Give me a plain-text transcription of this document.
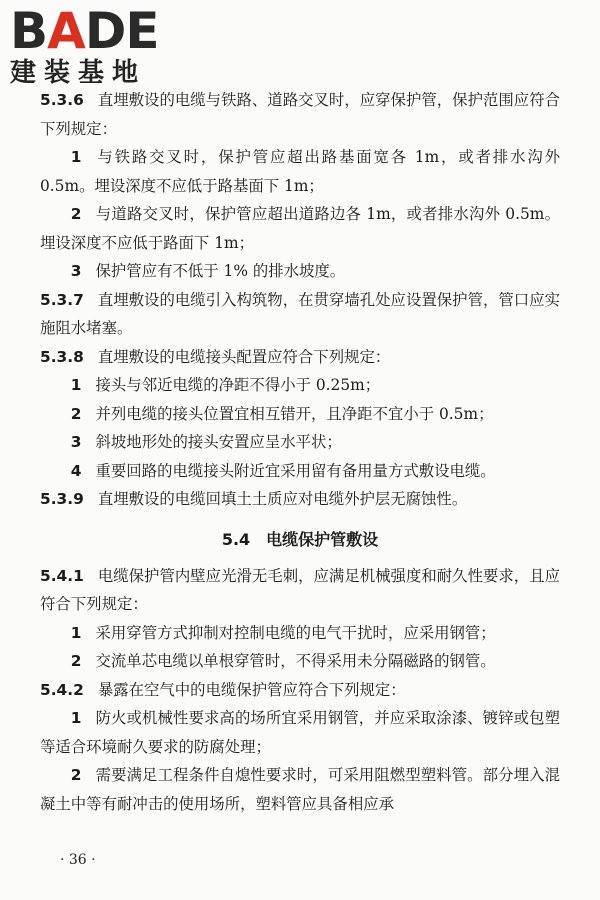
BADE
建装基地

5.3.6 直埋敷设的电缆与铁路、道路交叉时，应穿保护管，保护范围应符合下列规定：

1 与铁路交叉时，保护管应超出路基面宽各 1m，或者排水沟外 0.5m。埋设深度不应低于路基面下 1m；

2 与道路交叉时，保护管应超出道路边各 1m，或者排水沟外 0.5m。埋设深度不应低于路面下 1m；

3 保护管应有不低于 1% 的排水坡度。

5.3.7 直埋敷设的电缆引入构筑物，在贯穿墙孔处应设置保护管，管口应实施阻水堵塞。

5.3.8 直埋敷设的电缆接头配置应符合下列规定：

1 接头与邻近电缆的净距不得小于 0.25m；

2 并列电缆的接头位置宜相互错开，且净距不宜小于 0.5m；

3 斜坡地形处的接头安置应呈水平状；

4 重要回路的电缆接头附近宜采用留有备用量方式敷设电缆。

5.3.9 直埋敷设的电缆回填土土质应对电缆外护层无腐蚀性。

5.4 电缆保护管敷设

5.4.1 电缆保护管内壁应光滑无毛刺，应满足机械强度和耐久性要求，且应符合下列规定：

1 采用穿管方式抑制对控制电缆的电气干扰时，应采用钢管；

2 交流单芯电缆以单根穿管时，不得采用未分隔磁路的钢管。

5.4.2 暴露在空气中的电缆保护管应符合下列规定：

1 防火或机械性要求高的场所宜采用钢管，并应采取涂漆、镀锌或包塑等适合环境耐久要求的防腐处理；

2 需要满足工程条件自熄性要求时，可采用阻燃型塑料管。部分埋入混凝土中等有耐冲击的使用场所，塑料管应具备相应承

· 36 ·
